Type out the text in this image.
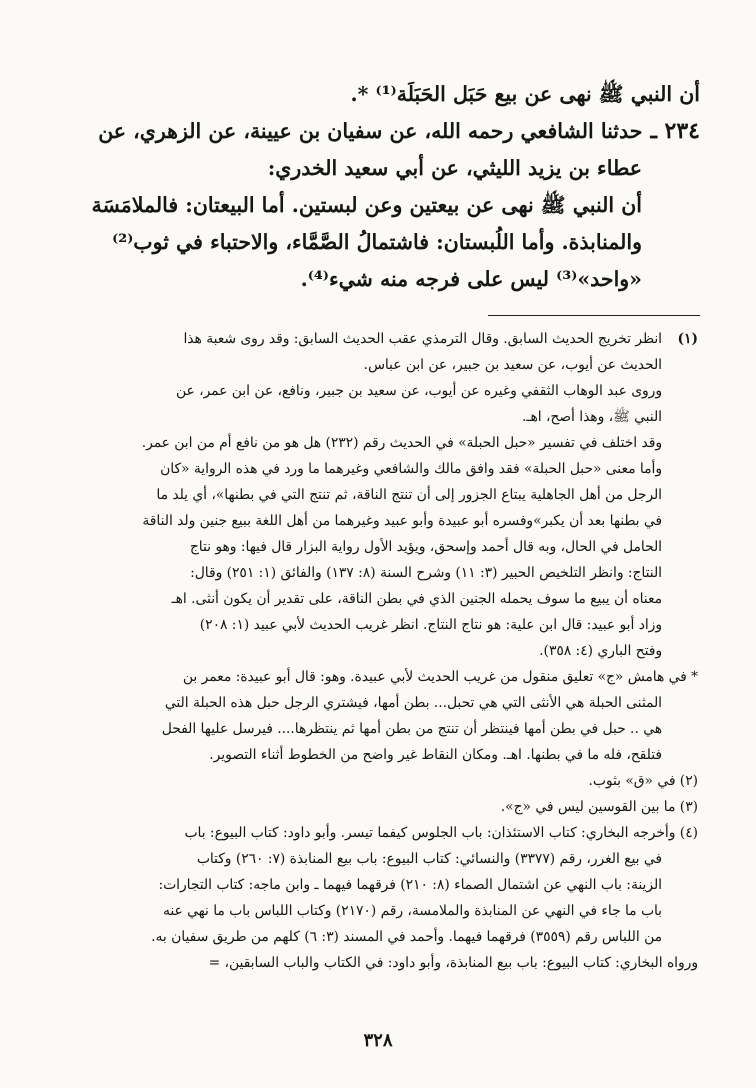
أن النبي ﷺ نهى عن بيع حَبَل الحَبَلَة⁽¹⁾ *.
٢٣٤ ـ
حدثنا الشافعي رحمه الله، عن سفيان بن عيينة، عن الزهري، عن
عطاء بن يزيد الليثي، عن أبي سعيد الخدري:
أن النبي ﷺ نهى عن بيعتين وعن لبستين. أما البيعتان: فالملامَسَة
والمنابذة. وأما اللُبستان: فاشتمالُ الصَّمَّاء، والاحتباء في ثوب⁽²⁾
«واحد»⁽³⁾ ليس على فرجه منه شيء⁽⁴⁾.
(١)
انظر تخريج الحديث السابق. وقال الترمذي عقب الحديث السابق: وقد روى شعبة هذا
الحديث عن أيوب، عن سعيد بن جبير، عن ابن عباس.
وروى عبد الوهاب الثقفي وغيره عن أيوب، عن سعيد بن جبير، ونافع، عن ابن عمر، عن
النبي ﷺ، وهذا أصح، اهـ.
وقد اختلف في تفسير «حبل الحبلة» في الحديث رقم (٢٣٢) هل هو من نافع أم من ابن عمر.
وأما معنى «حبل الحبلة» فقد وافق مالك والشافعي وغيرهما ما ورد في هذه الرواية «كان
الرجل من أهل الجاهلية يبتاع الجزور إلى أن تنتج الناقة، ثم تنتج التي في بطنها»، أي يلد ما
في بطنها بعد أن يكبر»وفسره أبو عبيدة وأبو عبيد وغيرهما من أهل اللغة ببيع جنين ولد الناقة
الحامل في الحال، وبه قال أحمد وإسحق، ويؤيد الأول رواية البزار قال فيها: وهو نتاج
النتاج: وانظر التلخيص الحبير (٣: ١١) وشرح السنة (٨: ١٣٧) والفائق (١: ٢٥١) وقال:
معناه أن يبيع ما سوف يحمله الجنين الذي في بطن الناقة، على تقدير أن يكون أنثى. اهـ
وزاد أبو عبيد: قال ابن علية: هو نتاج النتاج. انظر غريب الحديث لأبي عبيد (١: ٢٠٨)
وفتح الباري (٤: ٣٥٨).
* في هامش «ج» تعليق منقول من غريب الحديث لأبي عبيدة. وهو: قال أبو عبيدة: معمر بن
المثنى الحبلة هي الأنثى التي هي تحبل... بطن أمها، فيشتري الرجل حبل هذه الحبلة التي
هي .. حبل في بطن أمها فينتظر أن تنتج من بطن أمها ثم ينتظرها.... فيرسل عليها الفحل
فتلقح، فله ما في بطنها. اهـ. ومكان النقاط غير واضح من الخطوط أثناء التصوير.
(٢) في «ق» بثوب.
(٣) ما بين القوسين ليس في «ج».
(٤) وأخرجه البخاري: كتاب الاستئذان: باب الجلوس كيفما تيسر. وأبو داود: كتاب البيوع: باب
في بيع الغرر، رقم (٣٣٧٧) والنسائي: كتاب البيوع: باب بيع المنابذة (٧: ٢٦٠) وكتاب
الزينة: باب النهي عن اشتمال الصماء (٨: ٢١٠) فرقهما فيهما ـ وابن ماجه: كتاب التجارات:
باب ما جاء في النهي عن المنابذة والملامسة، رقم (٢١٧٠) وكتاب اللباس باب ما نهي عنه
من اللباس رقم (٣٥٥٩) فرقهما فيهما. وأحمد في المسند (٣: ٦) كلهم من طريق سفيان به.
ورواه البخاري: كتاب البيوع: باب بيع المنابذة، وأبو داود: في الكتاب والباب السابقين، =
٣٢٨
